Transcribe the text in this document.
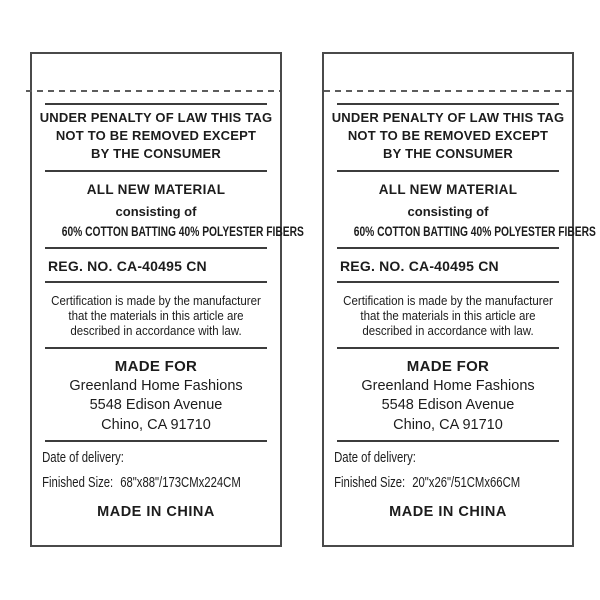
UNDER PENALTY OF LAW THIS TAG
NOT TO BE REMOVED EXCEPT
BY THE CONSUMER
ALL NEW MATERIAL
consisting of
60% COTTON BATTING 40% POLYESTER FIBERS
REG. NO. CA-40495 CN
Certification is made by the manufacturer
that the materials in this article are
described in accordance with law.
MADE FOR
Greenland Home Fashions
5548 Edison Avenue
Chino, CA 91710
Date of delivery:
Finished Size: 68"x88"/173CMx224CM
MADE IN CHINA
UNDER PENALTY OF LAW THIS TAG
NOT TO BE REMOVED EXCEPT
BY THE CONSUMER
ALL NEW MATERIAL
consisting of
60% COTTON BATTING 40% POLYESTER FIBERS
REG. NO. CA-40495 CN
Certification is made by the manufacturer
that the materials in this article are
described in accordance with law.
MADE FOR
Greenland Home Fashions
5548 Edison Avenue
Chino, CA 91710
Date of delivery:
Finished Size: 20"x26"/51CMx66CM
MADE IN CHINA
